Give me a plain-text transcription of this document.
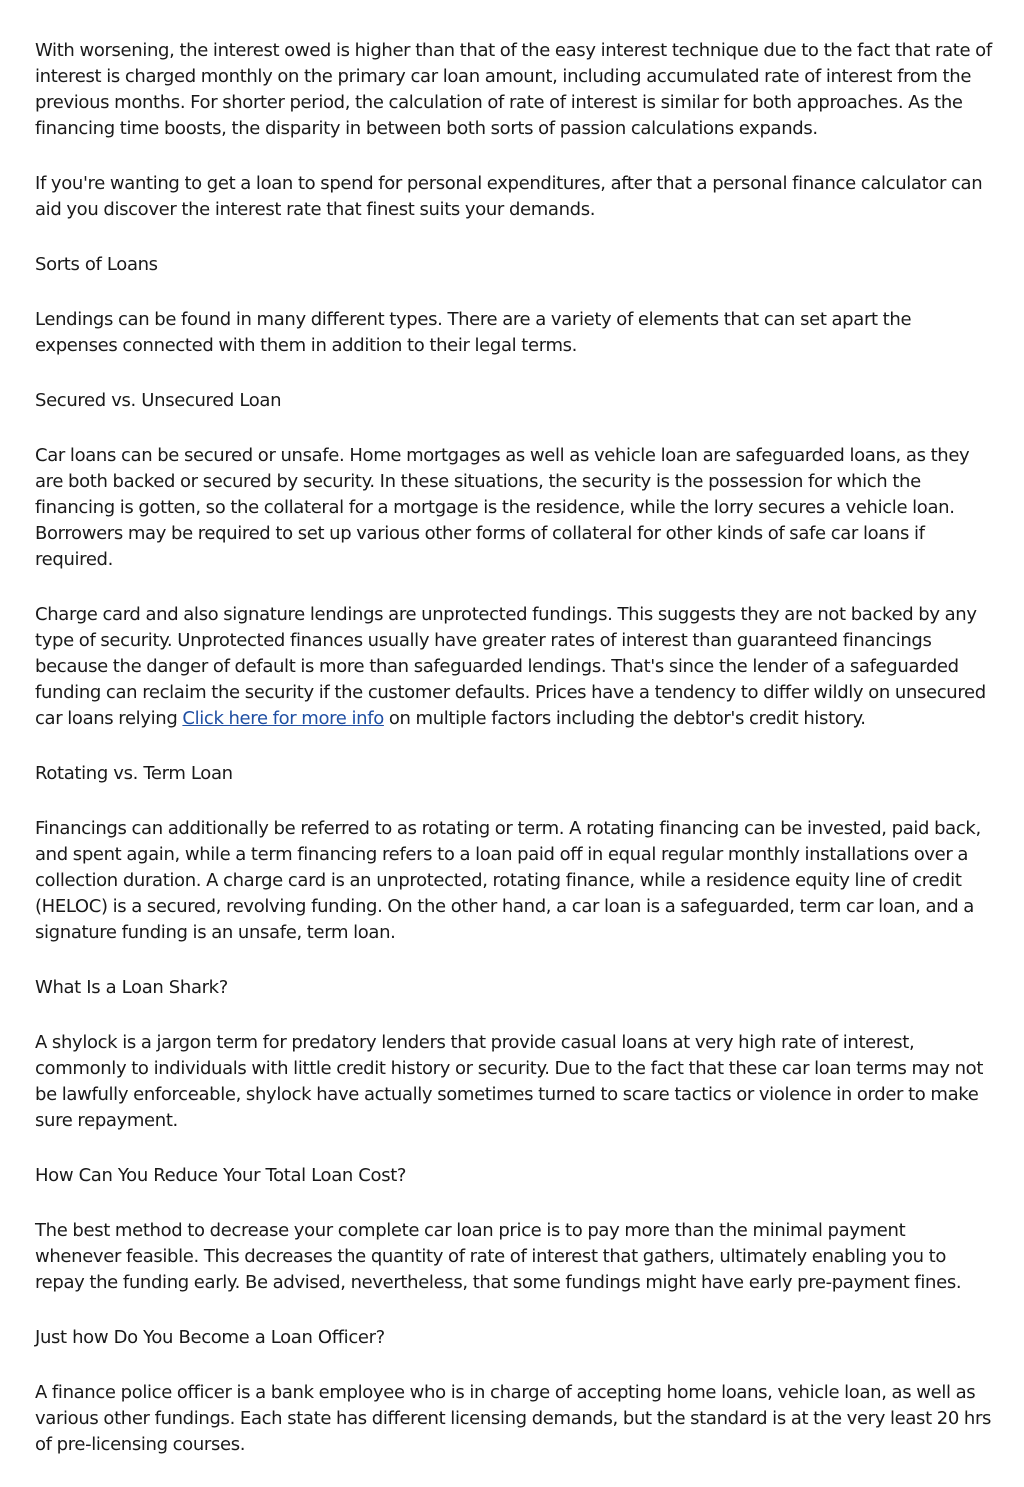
With worsening, the interest owed is higher than that of the easy interest technique due to the fact that rate of interest is charged monthly on the primary car loan amount, including accumulated rate of interest from the previous months. For shorter period, the calculation of rate of interest is similar for both approaches. As the financing time boosts, the disparity in between both sorts of passion calculations expands.

If you're wanting to get a loan to spend for personal expenditures, after that a personal finance calculator can aid you discover the interest rate that finest suits your demands.

Sorts of Loans

Lendings can be found in many different types. There are a variety of elements that can set apart the expenses connected with them in addition to their legal terms.

Secured vs. Unsecured Loan

Car loans can be secured or unsafe. Home mortgages as well as vehicle loan are safeguarded loans, as they are both backed or secured by security. In these situations, the security is the possession for which the financing is gotten, so the collateral for a mortgage is the residence, while the lorry secures a vehicle loan. Borrowers may be required to set up various other forms of collateral for other kinds of safe car loans if required.

Charge card and also signature lendings are unprotected fundings. This suggests they are not backed by any type of security. Unprotected finances usually have greater rates of interest than guaranteed financings because the danger of default is more than safeguarded lendings. That's since the lender of a safeguarded funding can reclaim the security if the customer defaults. Prices have a tendency to differ wildly on unsecured car loans relying Click here for more info on multiple factors including the debtor's credit history.

Rotating vs. Term Loan

Financings can additionally be referred to as rotating or term. A rotating financing can be invested, paid back, and spent again, while a term financing refers to a loan paid off in equal regular monthly installations over a collection duration. A charge card is an unprotected, rotating finance, while a residence equity line of credit (HELOC) is a secured, revolving funding. On the other hand, a car loan is a safeguarded, term car loan, and a signature funding is an unsafe, term loan.

What Is a Loan Shark?

A shylock is a jargon term for predatory lenders that provide casual loans at very high rate of interest, commonly to individuals with little credit history or security. Due to the fact that these car loan terms may not be lawfully enforceable, shylock have actually sometimes turned to scare tactics or violence in order to make sure repayment.

How Can You Reduce Your Total Loan Cost?

The best method to decrease your complete car loan price is to pay more than the minimal payment whenever feasible. This decreases the quantity of rate of interest that gathers, ultimately enabling you to repay the funding early. Be advised, nevertheless, that some fundings might have early pre-payment fines.

Just how Do You Become a Loan Officer?

A finance police officer is a bank employee who is in charge of accepting home loans, vehicle loan, as well as various other fundings. Each state has different licensing demands, but the standard is at the very least 20 hrs of pre-licensing courses.
